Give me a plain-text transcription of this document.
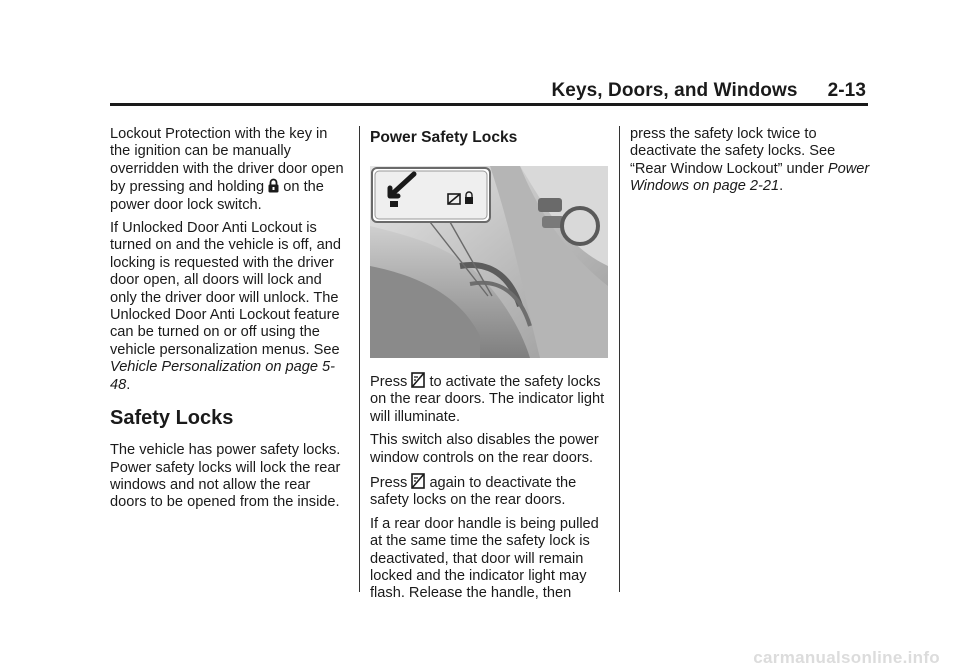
Keys, Doors, and Windows 2-13

Lockout Protection with the key in the ignition can be manually overridden with the driver door open by pressing and holding on the power door lock switch.

If Unlocked Door Anti Lockout is turned on and the vehicle is off, and locking is requested with the driver door open, all doors will lock and only the driver door will unlock. The Unlocked Door Anti Lockout feature can be turned on or off using the vehicle personalization menus. See Vehicle Personalization on page 5-48.

Safety Locks

The vehicle has power safety locks. Power safety locks will lock the rear windows and not allow the rear doors to be opened from the inside.

Power Safety Locks

Press to activate the safety locks on the rear doors. The indicator light will illuminate.

This switch also disables the power window controls on the rear doors.

Press again to deactivate the safety locks on the rear doors.

If a rear door handle is being pulled at the same time the safety lock is deactivated, that door will remain locked and the indicator light may flash. Release the handle, then

press the safety lock twice to deactivate the safety locks. See “Rear Window Lockout” under Power Windows on page 2-21.

carmanualsonline.info
